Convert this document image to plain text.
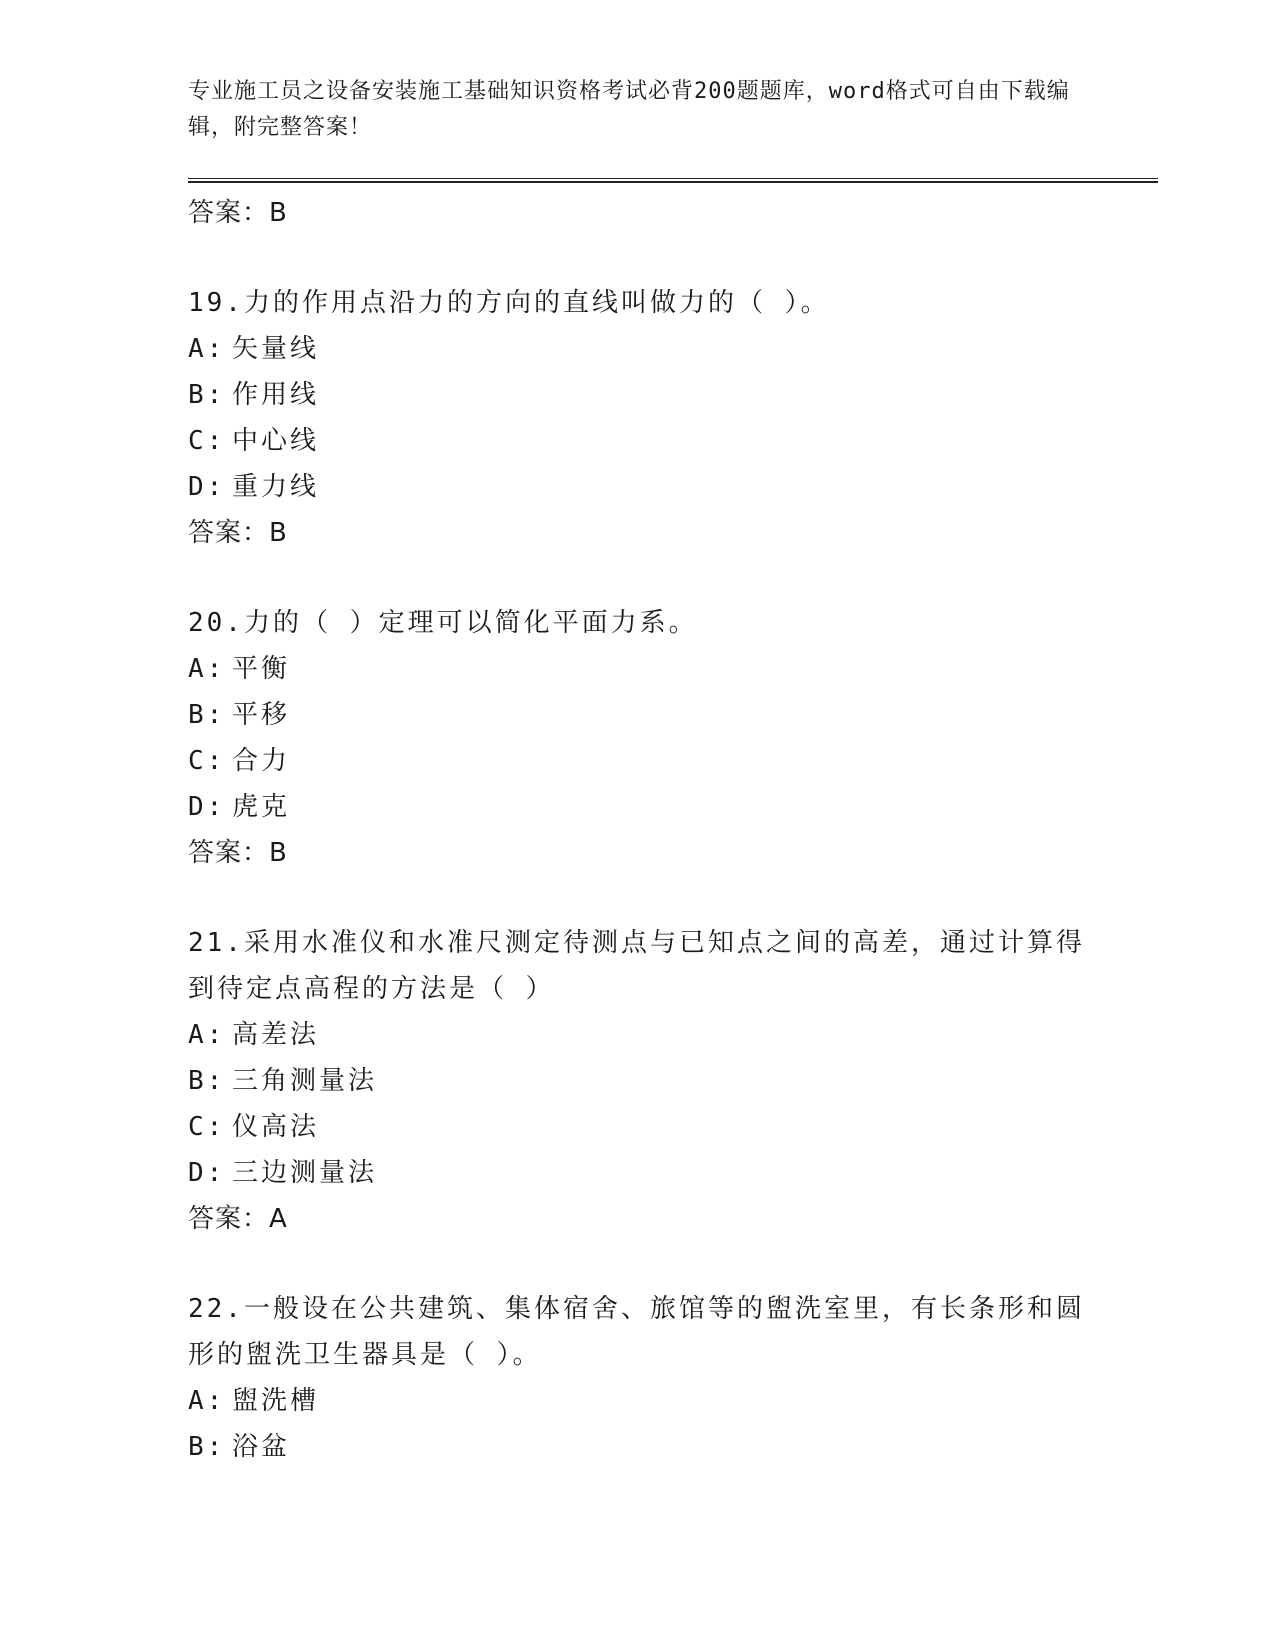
专业施工员之设备安装施工基础知识资格考试必背200题题库，word格式可自由下载编辑，附完整答案！
答案：B
19.力的作用点沿力的方向的直线叫做力的（ ）。
A: 矢量线
B: 作用线
C: 中心线
D: 重力线
答案：B
20.力的（ ）定理可以简化平面力系。
A: 平衡
B: 平移
C: 合力
D: 虎克
答案：B
21.采用水准仪和水准尺测定待测点与已知点之间的高差，通过计算得到待定点高程的方法是（ ）
A: 高差法
B: 三角测量法
C: 仪高法
D: 三边测量法
答案：A
22.一般设在公共建筑、集体宿舍、旅馆等的盥洗室里，有长条形和圆形的盥洗卫生器具是（ ）。
A: 盥洗槽
B: 浴盆
